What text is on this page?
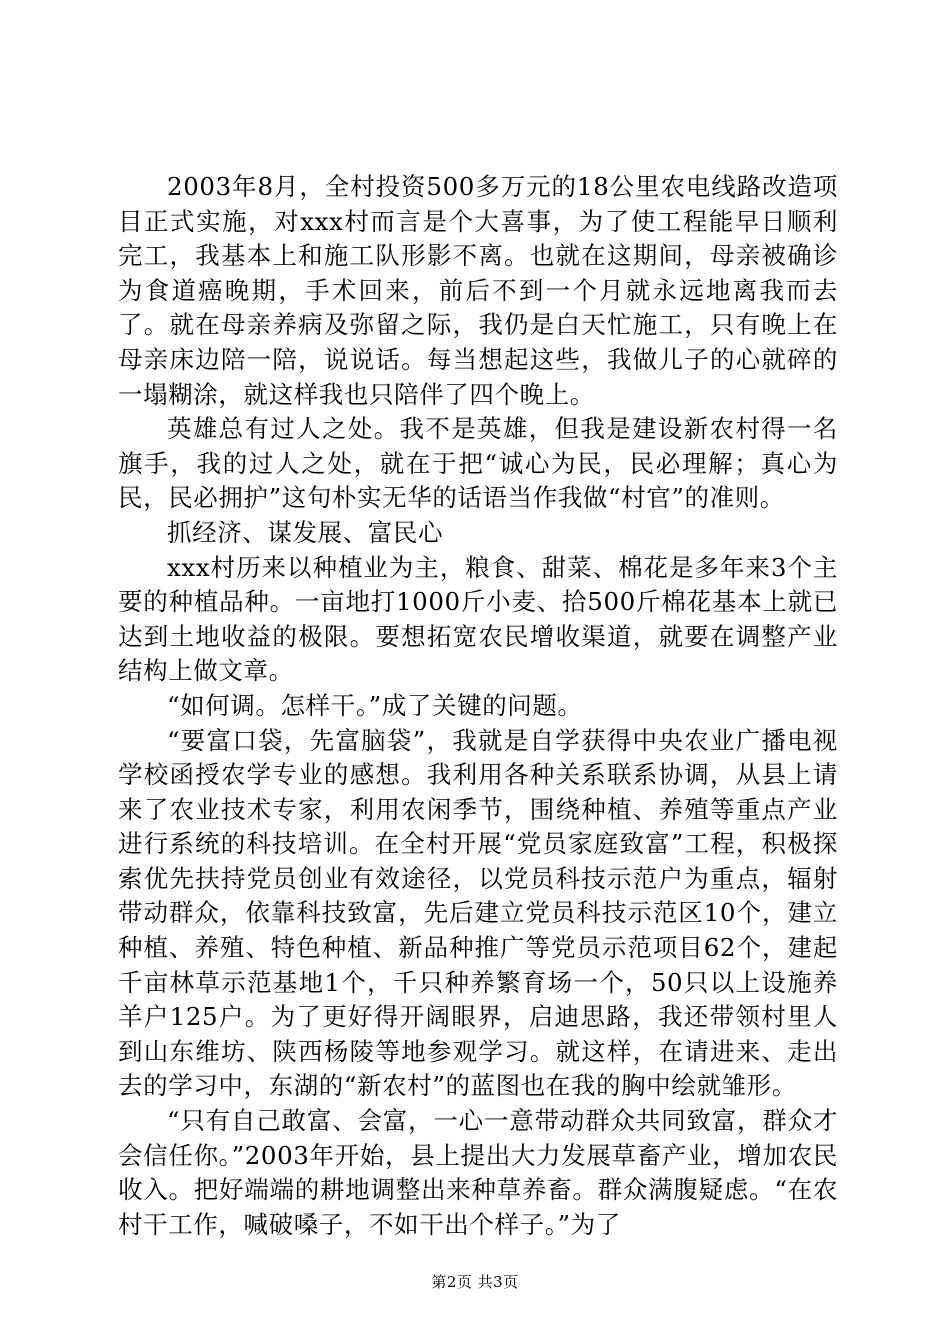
2003年8月，全村投资500多万元的18公里农电线路改造项目正式实施，对xxx村而言是个大喜事，为了使工程能早日顺利完工，我基本上和施工队形影不离。也就在这期间，母亲被确诊为食道癌晚期，手术回来，前后不到一个月就永远地离我而去了。就在母亲养病及弥留之际，我仍是白天忙施工，只有晚上在母亲床边陪一陪，说说话。每当想起这些，我做儿子的心就碎的一塌糊涂，就这样我也只陪伴了四个晚上。

英雄总有过人之处。我不是英雄，但我是建设新农村得一名旗手，我的过人之处，就在于把“诚心为民，民必理解；真心为民，民必拥护”这句朴实无华的话语当作我做“村官”的准则。

抓经济、谋发展、富民心

xxx村历来以种植业为主，粮食、甜菜、棉花是多年来3个主要的种植品种。一亩地打1000斤小麦、拾500斤棉花基本上就已达到土地收益的极限。要想拓宽农民增收渠道，就要在调整产业结构上做文章。

“如何调。怎样干。”成了关键的问题。

“要富口袋，先富脑袋”，我就是自学获得中央农业广播电视学校函授农学专业的感想。我利用各种关系联系协调，从县上请来了农业技术专家，利用农闲季节，围绕种植、养殖等重点产业进行系统的科技培训。在全村开展“党员家庭致富”工程，积极探索优先扶持党员创业有效途径，以党员科技示范户为重点，辐射带动群众，依靠科技致富，先后建立党员科技示范区10个，建立种植、养殖、特色种植、新品种推广等党员示范项目62个，建起千亩林草示范基地1个，千只种养繁育场一个，50只以上设施养羊户125户。为了更好得开阔眼界，启迪思路，我还带领村里人到山东维坊、陕西杨陵等地参观学习。就这样，在请进来、走出去的学习中，东湖的“新农村”的蓝图也在我的胸中绘就雏形。

“只有自己敢富、会富，一心一意带动群众共同致富，群众才会信任你。”2003年开始，县上提出大力发展草畜产业，增加农民收入。把好端端的耕地调整出来种草养畜。群众满腹疑虑。“在农村干工作，喊破嗓子，不如干出个样子。”为了

第2页 共3页
